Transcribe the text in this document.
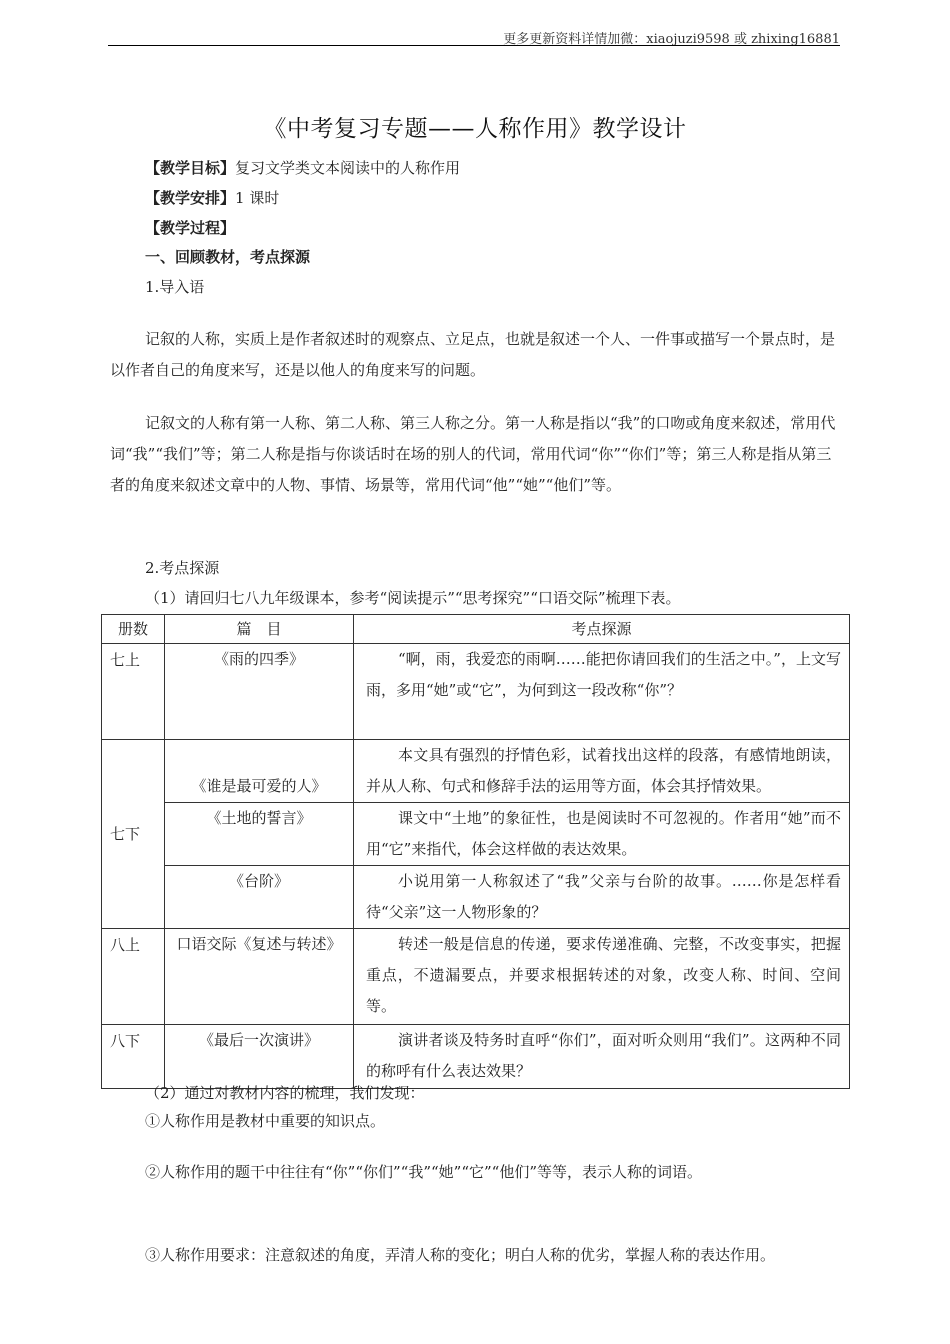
更多更新资料详情加微：xiaojuzi9598 或 zhixing16881
《中考复习专题——人称作用》教学设计
【教学目标】复习文学类文本阅读中的人称作用
【教学安排】1 课时
【教学过程】
一、回顾教材，考点探源
1.导入语
记叙的人称，实质上是作者叙述时的观察点、立足点，也就是叙述一个人、一件事或描写一个景点时，是以作者自己的角度来写，还是以他人的角度来写的问题。
记叙文的人称有第一人称、第二人称、第三人称之分。第一人称是指以“我”的口吻或角度来叙述，常用代词“我”“我们”等；第二人称是指与你谈话时在场的别人的代词，常用代词“你”“你们”等；第三人称是指从第三者的角度来叙述文章中的人物、事情、场景等，常用代词“他”“她”“他们”等。
2.考点探源
（1）请回归七八九年级课本，参考“阅读提示”“思考探究”“口语交际”梳理下表。
册数	篇　目	考点探源
七上	《雨的四季》	“啊，雨，我爱恋的雨啊……能把你请回我们的生活之中。”，上文写雨，多用“她”或“它”，为何到这一段改称“你”？

七下	《谁是最可爱的人》	本文具有强烈的抒情色彩，试着找出这样的段落，有感情地朗读，并从人称、句式和修辞手法的运用等方面，体会其抒情效果。

	《土地的誓言》	课文中“土地”的象征性，也是阅读时不可忽视的。作者用“她”而不用“它”来指代，体会这样做的表达效果。

	《台阶》	小说用第一人称叙述了“我”父亲与台阶的故事。……你是怎样看待“父亲”这一人物形象的？

八上	口语交际《复述与转述》	转述一般是信息的传递，要求传递准确、完整，不改变事实，把握重点，不遗漏要点，并要求根据转述的对象，改变人称、时间、空间等。

八下	《最后一次演讲》	演讲者谈及特务时直呼“你们”，面对听众则用“我们”。这两种不同的称呼有什么表达效果？
（2）通过对教材内容的梳理，我们发现：
①人称作用是教材中重要的知识点。
②人称作用的题干中往往有“你”“你们”“我”“她”“它”“他们”等等，表示人称的词语。
③人称作用要求：注意叙述的角度，弄清人称的变化；明白人称的优劣，掌握人称的表达作用。
